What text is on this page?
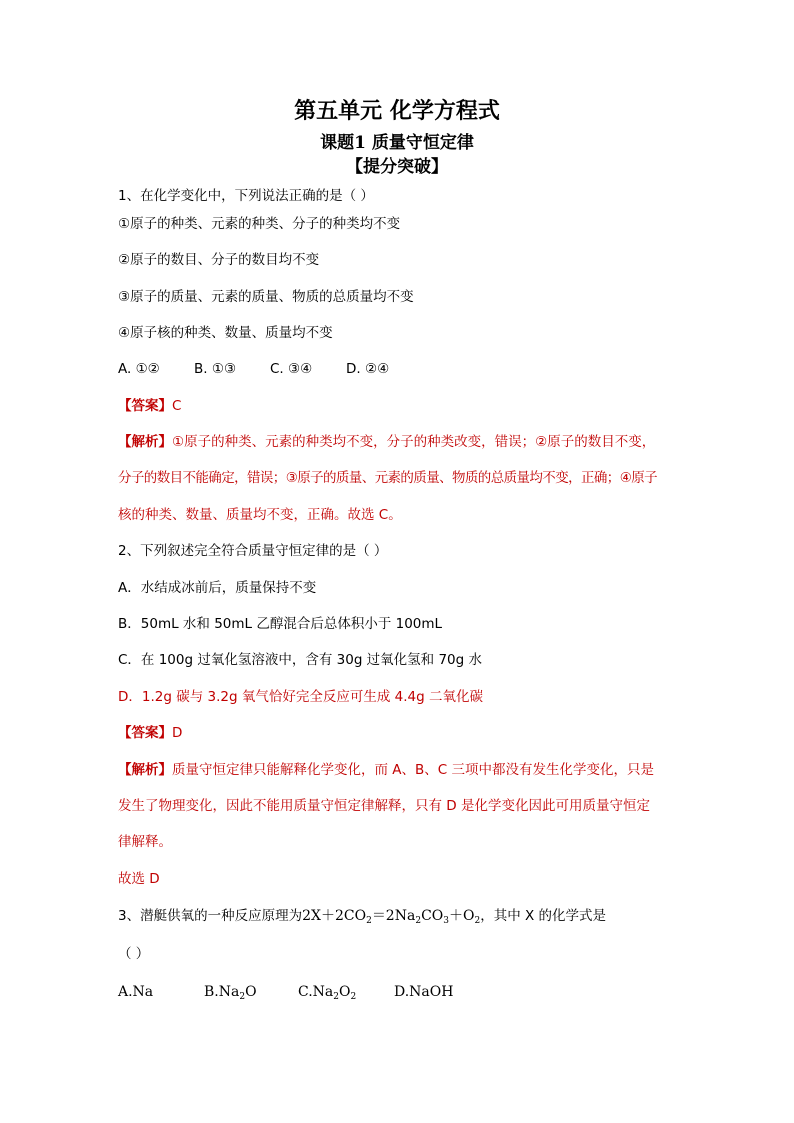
第五单元 化学方程式
课题1 质量守恒定律
【提分突破】
1、在化学变化中，下列说法正确的是（ ）
①原子的种类、元素的种类、分子的种类均不变
②原子的数目、分子的数目均不变
③原子的质量、元素的质量、物质的总质量均不变
④原子核的种类、数量、质量均不变
A. ①②	B. ①③	C. ③④	D. ②④
【答案】C
【解析】①原子的种类、元素的种类均不变，分子的种类改变，错误；②原子的数目不变，
分子的数目不能确定，错误；③原子的质量、元素的质量、物质的总质量均不变，正确；④原子
核的种类、数量、质量均不变，正确。故选 C。
2、下列叙述完全符合质量守恒定律的是（ ）
A．水结成冰前后，质量保持不变
B．50mL 水和 50mL 乙醇混合后总体积小于 100mL
C．在 100g 过氧化氢溶液中，含有 30g 过氧化氢和 70g 水
D．1.2g 碳与 3.2g 氧气恰好完全反应可生成 4.4g 二氧化碳
【答案】D
【解析】质量守恒定律只能解释化学变化，而 A、B、C 三项中都没有发生化学变化，只是
发生了物理变化，因此不能用质量守恒定律解释，只有 D 是化学变化因此可用质量守恒定
律解释。
故选 D
3、潜艇供氧的一种反应原理为$2X+2CO_2=2Na_2CO_3+O_2$，其中 X 的化学式是
（ ）
A.Na	$B.Na_2O$	$C.Na_2O_2$	D.NaOH
